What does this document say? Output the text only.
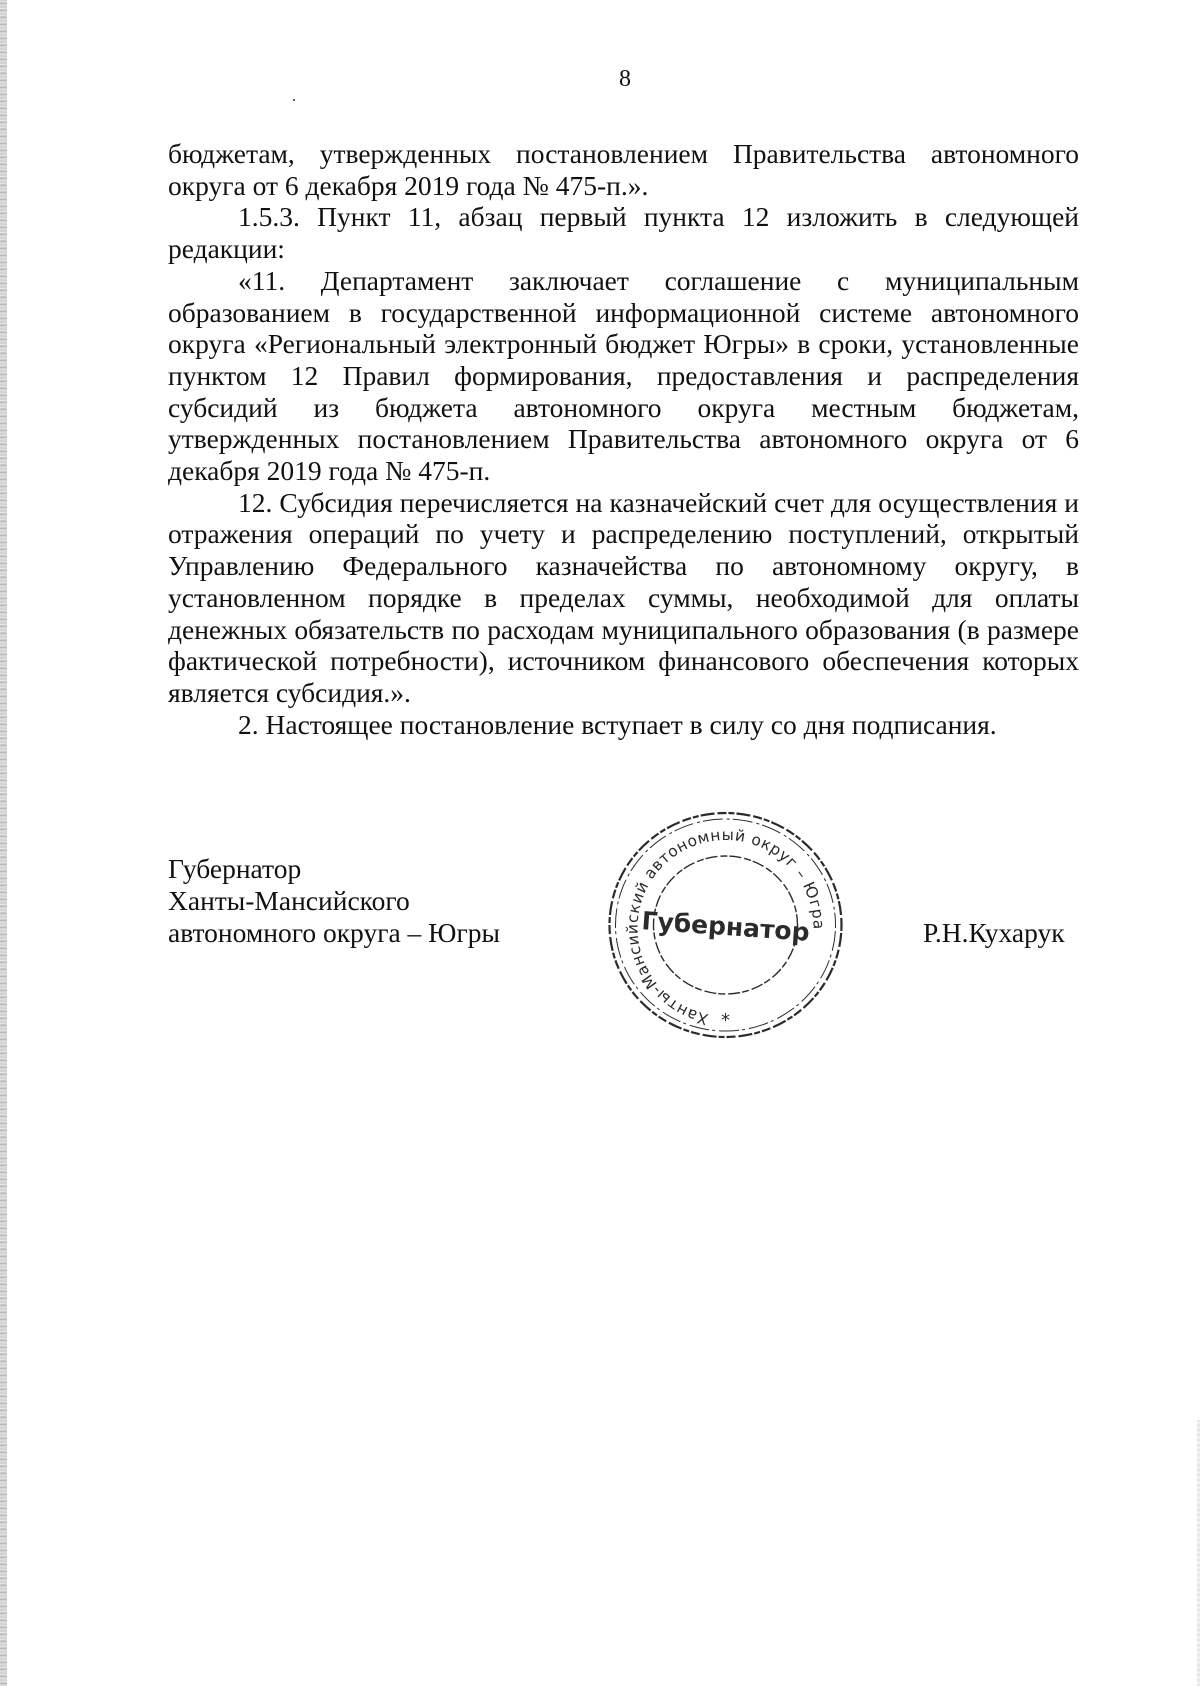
8

бюджетам, утвержденных постановлением Правительства автономного округа от 6 декабря 2019 года № 475-п.».

1.5.3. Пункт 11, абзац первый пункта 12 изложить в следующей редакции:

«11. Департамент заключает соглашение с муниципальным образованием в государственной информационной системе автономного округа «Региональный электронный бюджет Югры» в сроки, установленные пунктом 12 Правил формирования, предоставления и распределения субсидий из бюджета автономного округа местным бюджетам, утвержденных постановлением Правительства автономного округа от 6 декабря 2019 года № 475-п.

12. Субсидия перечисляется на казначейский счет для осуществления и отражения операций по учету и распределению поступлений, открытый Управлению Федерального казначейства по автономному округу, в установленном порядке в пределах суммы, необходимой для оплаты денежных обязательств по расходам муниципального образования (в размере фактической потребности), источником финансового обеспечения которых является субсидия.».

2. Настоящее постановление вступает в силу со дня подписания.

Губернатор
Ханты-Мансийского
автономного округа – Югры
Ханты-Мансийский автономный округ – Югра
Губернатор
*
Р.Н.Кухарук
